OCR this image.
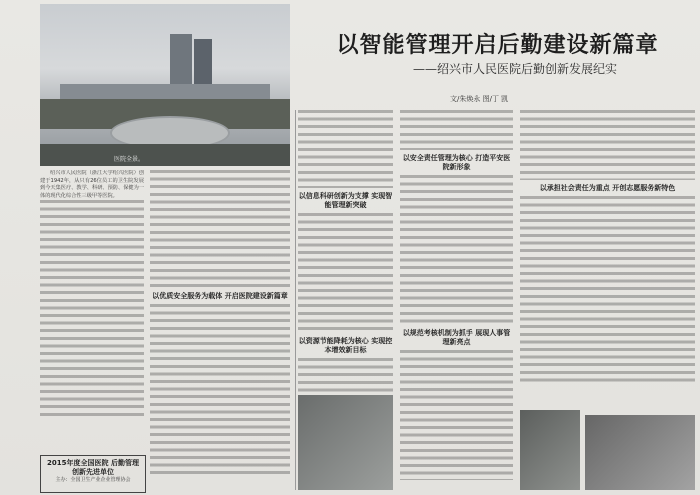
医院全景。
以智能管理开启后勤建设新篇章
——绍兴市人民医院后勤创新发展纪实
文/朱焕永 图/丁 凯

绍兴市人民医院（浙江大学绍兴医院）创建于1942年，从只有26位员工的卫生院发展到今天集医疗、教学、科研、预防、保健为一体的现代化综合性三级甲等医院。

以优质安全服务为载体 开启医院建设新篇章
以信息科研创新为支撑 实现智能管理新突破
以资源节能降耗为核心 实现控本增效新目标
以安全责任管理为核心 打造平安医院新形象
以规范考核机制为抓手 展现人事管理新亮点
以承担社会责任为重点 开创志愿服务新特色
2015年度全国医院 后勤管理创新先进单位
主办：全国卫生产业企业管理协会
